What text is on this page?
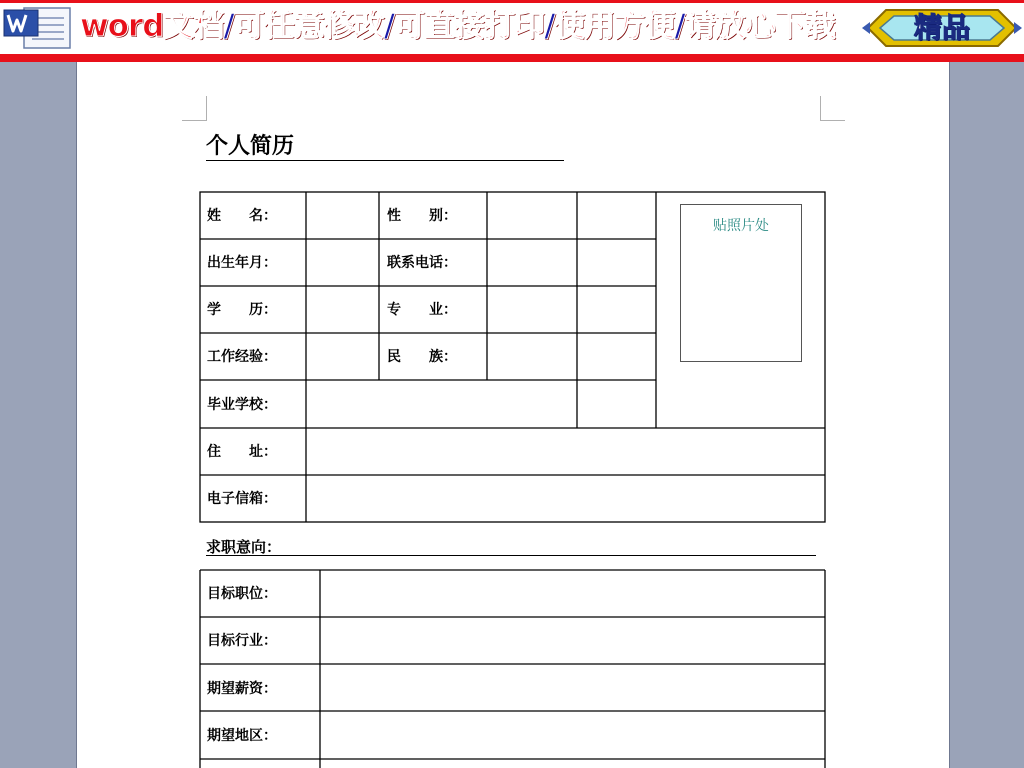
word文档/可任意修改/可直接打印/使用方便/请放心下载	精品
个人简历
姓　　名：	性　　别：
出生年月：	联系电话：
学　　历：	专　　业：
工作经验：	民　　族：
毕业学校：
住　　址：
电子信箱：
贴照片处
求职意向：
目标职位：
目标行业：
期望薪资：
期望地区：
